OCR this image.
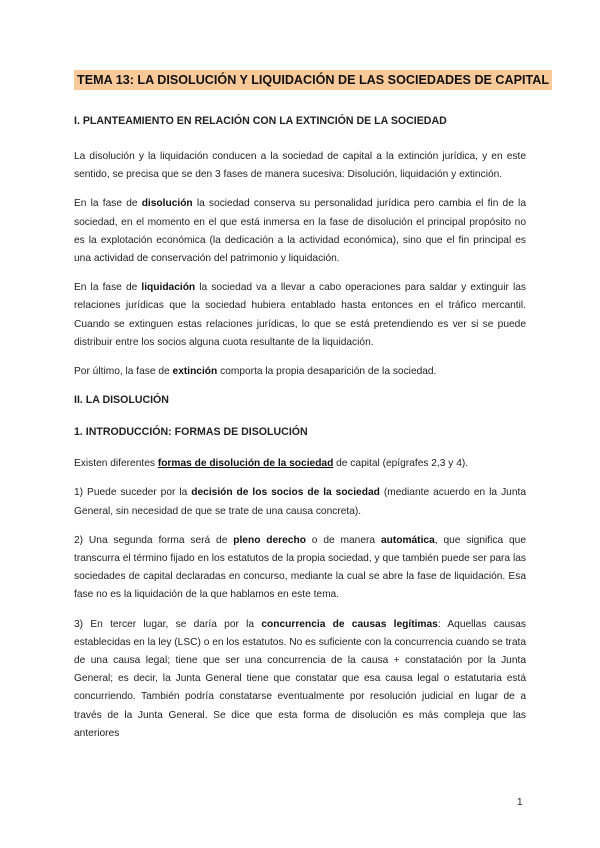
TEMA 13: LA DISOLUCIÓN Y LIQUIDACIÓN DE LAS SOCIEDADES DE CAPITAL
I. PLANTEAMIENTO EN RELACIÓN CON LA EXTINCIÓN DE LA SOCIEDAD

La disolución y la liquidación conducen a la sociedad de capital a la extinción jurídica, y en este sentido, se precisa que se den 3 fases de manera sucesiva: Disolución, liquidación y extinción.

En la fase de disolución la sociedad conserva su personalidad jurídica pero cambia el fin de la sociedad, en el momento en el que está inmersa en la fase de disolución el principal propósito no es la explotación económica (la dedicación a la actividad económica), sino que el fin principal es una actividad de conservación del patrimonio y liquidación.

En la fase de liquidación la sociedad va a llevar a cabo operaciones para saldar y extinguir las relaciones jurídicas que la sociedad hubiera entablado hasta entonces en el tráfico mercantil. Cuando se extinguen estas relaciones jurídicas, lo que se está pretendiendo es ver si se puede distribuir entre los socios alguna cuota resultante de la liquidación.

Por último, la fase de extinción comporta la propia desaparición de la sociedad.

II. LA DISOLUCIÓN
1. INTRODUCCIÓN: FORMAS DE DISOLUCIÓN

Existen diferentes formas de disolución de la sociedad de capital (epígrafes 2,3 y 4).

1) Puede suceder por la decisión de los socios de la sociedad (mediante acuerdo en la Junta General, sin necesidad de que se trate de una causa concreta).

2) Una segunda forma será de pleno derecho o de manera automática, que significa que transcurra el término fijado en los estatutos de la propia sociedad, y que también puede ser para las sociedades de capital declaradas en concurso, mediante la cual se abre la fase de liquidación. Esa fase no es la liquidación de la que hablamos en este tema.

3) En tercer lugar, se daría por la concurrencia de causas legítimas: Aquellas causas establecidas en la ley (LSC) o en los estatutos. No es suficiente con la concurrencia cuando se trata de una causa legal; tiene que ser una concurrencia de la causa + constatación por la Junta General; es decir, la Junta General tiene que constatar que esa causa legal o estatutaria está concurriendo. También podría constatarse eventualmente por resolución judicial en lugar de a través de la Junta General. Se dice que esta forma de disolución es más compleja que las anteriores

1
